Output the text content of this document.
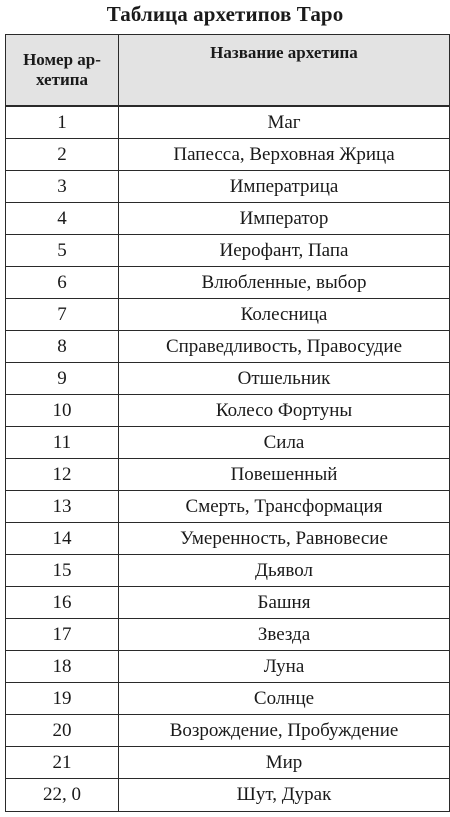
Таблица архетипов Таро
Номер ар-хетипа	Название архетипа
1	Маг
2	Папесса, Верховная Жрица
3	Императрица
4	Император
5	Иерофант, Папа
6	Влюбленные, выбор
7	Колесница
8	Справедливость, Правосудие
9	Отшельник
10	Колесо Фортуны
11	Сила
12	Повешенный
13	Смерть, Трансформация
14	Умеренность, Равновесие
15	Дьявол
16	Башня
17	Звезда
18	Луна
19	Солнце
20	Возрождение, Пробуждение
21	Мир
22, 0	Шут, Дурак
